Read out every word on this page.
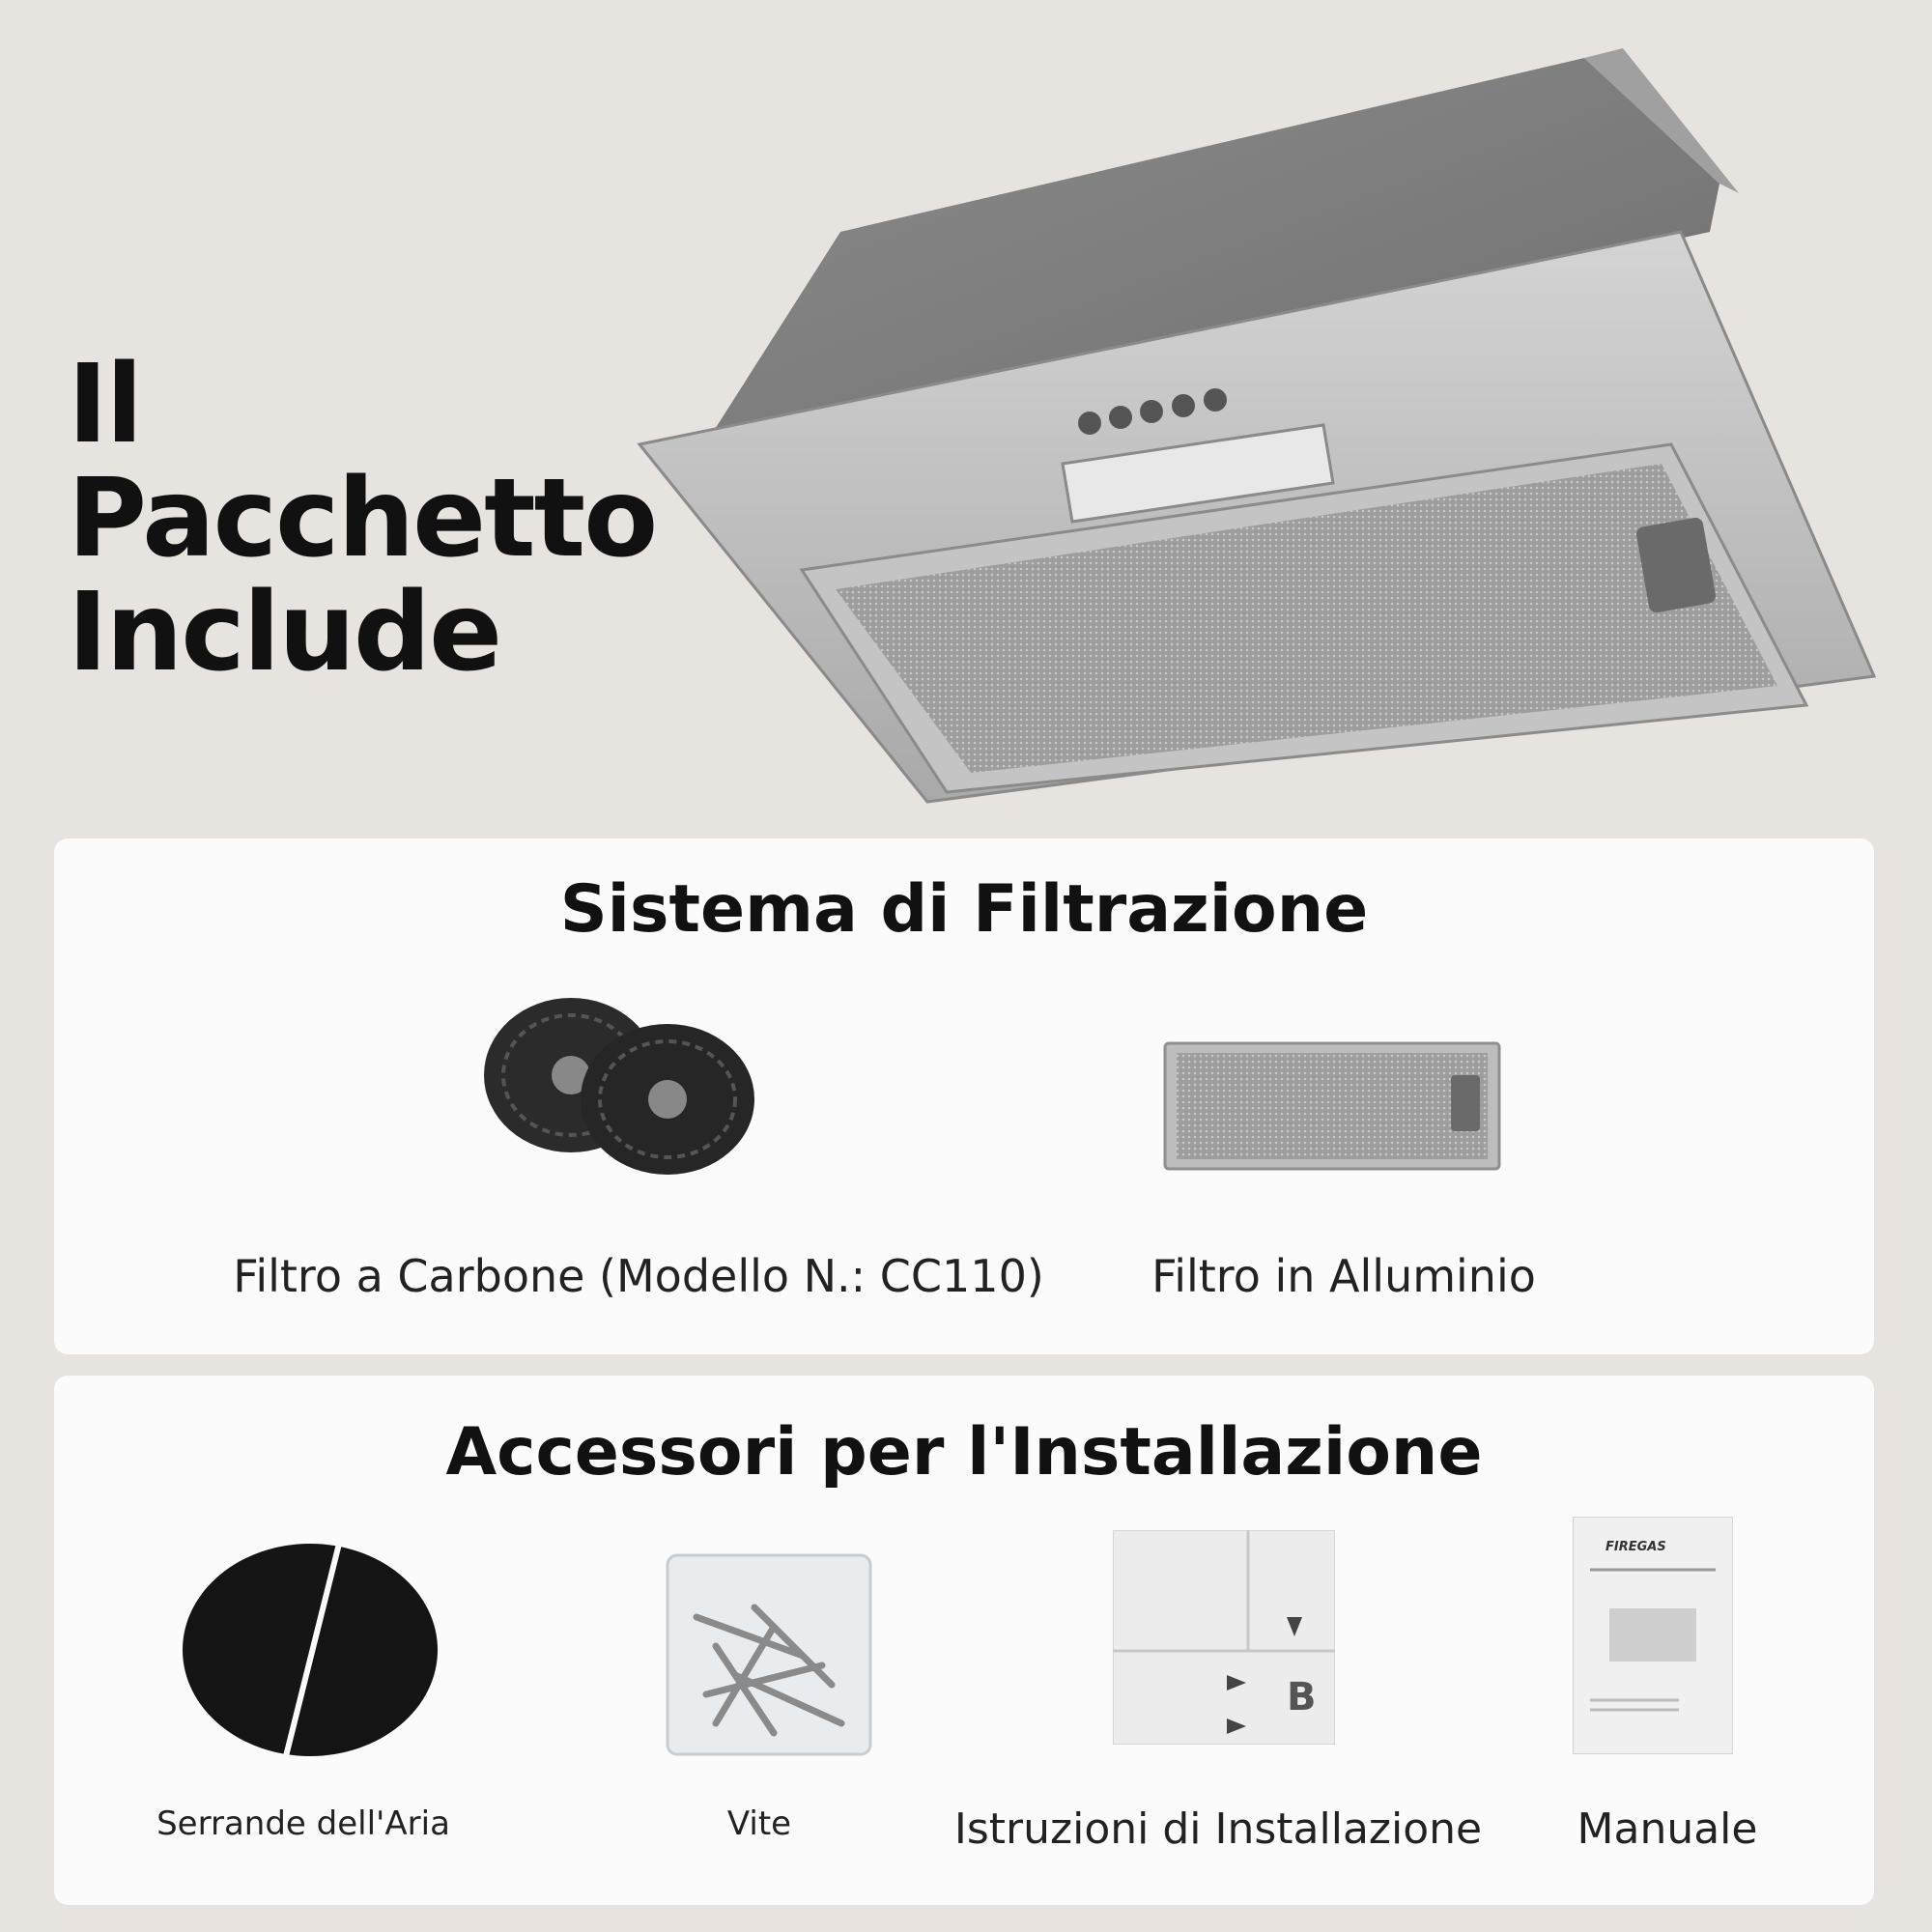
Il
Pacchetto
Include
Sistema di Filtrazione
Filtro a Carbone (Modello N.: CC110) Filtro in Alluminio
Accessori per l'Installazione
Serrande dell'Aria	Vite
B
Istruzioni di Installazione
FIREGAS
Manuale
